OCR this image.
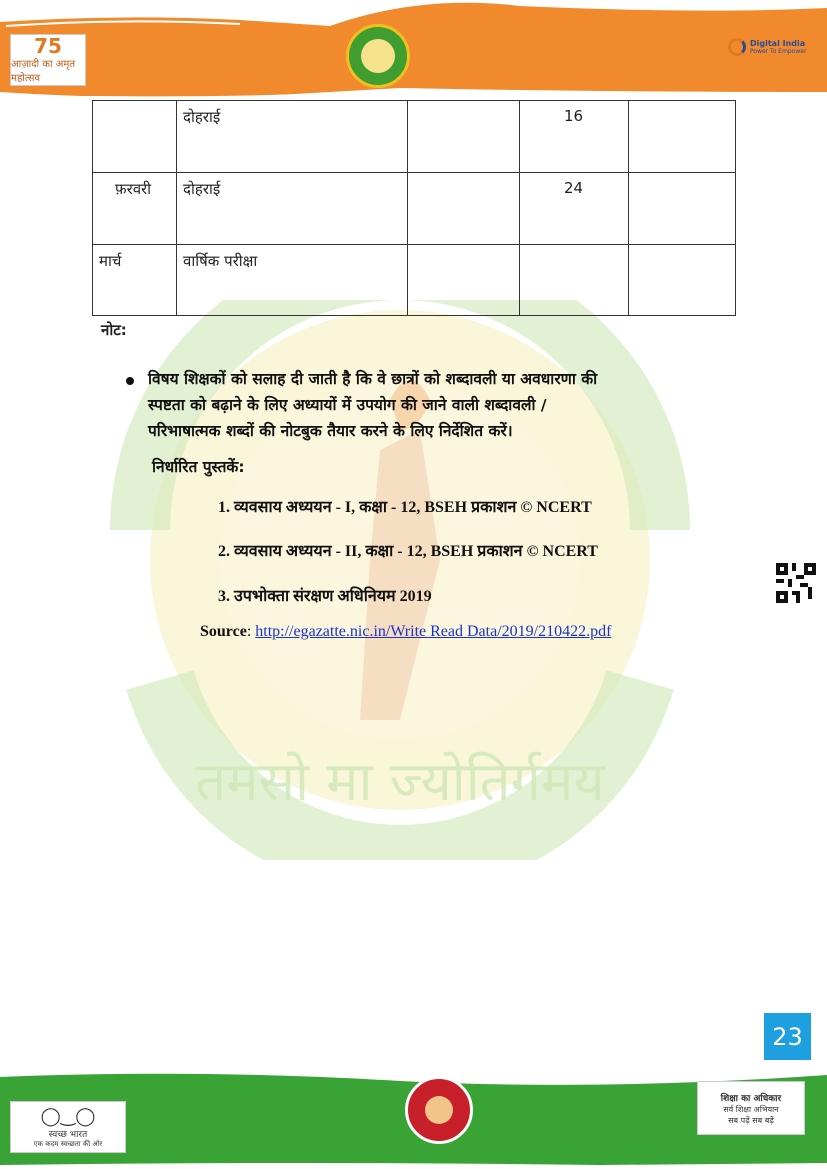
75
आज़ादी का अमृत महोत्सव
Digital India
Power To Empower
तमसो मा ज्योतिर्गमय
	दोहराई		16	
फ़रवरी	दोहराई		24	
मार्च	वार्षिक परीक्षा			
नोट:
विषय शिक्षकों को सलाह दी जाती है कि वे छात्रों को शब्दावली या अवधारणा की
स्पष्टता को बढ़ाने के लिए अध्यायों में उपयोग की जाने वाली शब्दावली /
परिभाषात्मक शब्दों की नोटबुक तैयार करने के लिए निर्देशित करें।
निर्धारित पुस्तकें:
1. व्यवसाय अध्ययन - I, कक्षा - 12, BSEH प्रकाशन © NCERT
2. व्यवसाय अध्ययन - II, कक्षा - 12, BSEH प्रकाशन © NCERT
3. उपभोक्ता संरक्षण अधिनियम 2019
Source: http://egazatte.nic.in/Write Read Data/2019/210422.pdf
23
◯‿◯
स्वच्छ भारत
एक कदम स्वच्छता की ओर
शिक्षा का अधिकार
सर्व शिक्षा अभियान
सब पढ़ें सब बढ़ें
